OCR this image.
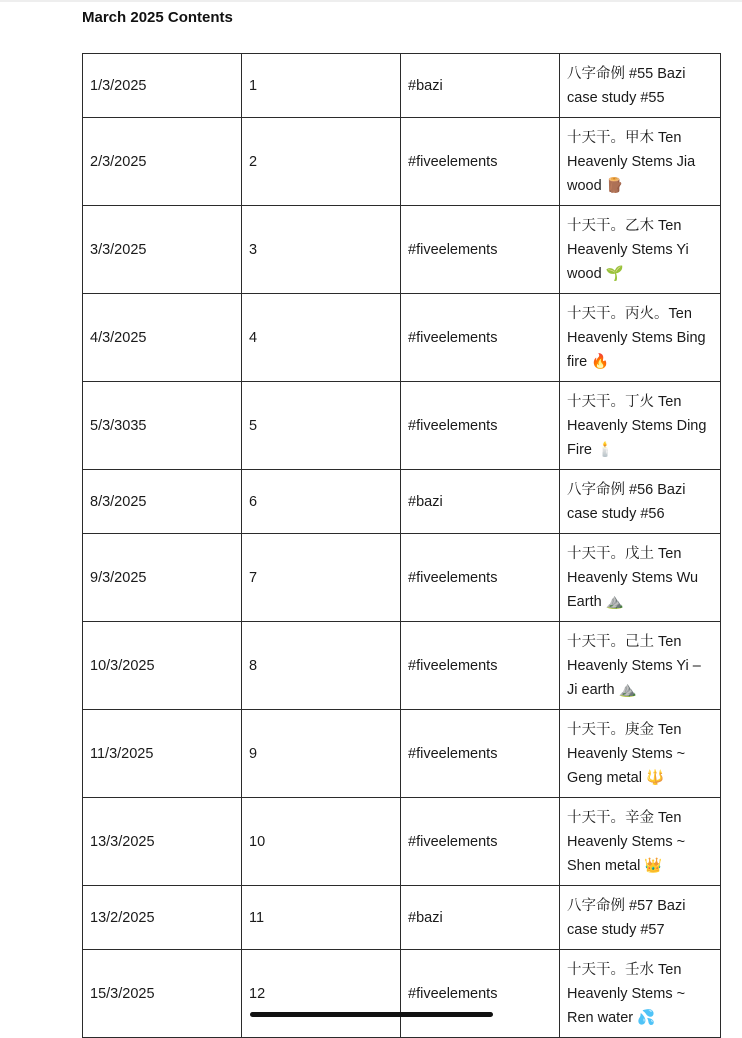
March 2025 Contents
1/3/2025	1	#bazi	八字命例 #55 Bazi case study #55

2/3/2025	2	#fiveelements	十天干。甲木 Ten Heavenly Stems Jia wood 🪵

3/3/2025	3	#fiveelements	十天干。乙木 Ten Heavenly Stems Yi wood 🌱

4/3/2025	4	#fiveelements	十天干。丙火。Ten Heavenly Stems Bing fire 🔥

5/3/3035	5	#fiveelements	十天干。丁火 Ten Heavenly Stems Ding Fire 🕯️

8/3/2025	6	#bazi	八字命例 #56 Bazi case study #56

9/3/2025	7	#fiveelements	十天干。戊土 Ten Heavenly Stems Wu Earth ⛰️

10/3/2025	8	#fiveelements	十天干。己土 Ten Heavenly Stems Yi – Ji earth ⛰️

11/3/2025	9	#fiveelements	十天干。庚金 Ten Heavenly Stems ~ Geng metal 🔱

13/3/2025	10	#fiveelements	十天干。辛金 Ten Heavenly Stems ~ Shen metal 👑

13/2/2025	11	#bazi	八字命例 #57 Bazi case study #57

15/3/2025	12	#fiveelements	十天干。壬水 Ten Heavenly Stems ~ Ren water 💦
